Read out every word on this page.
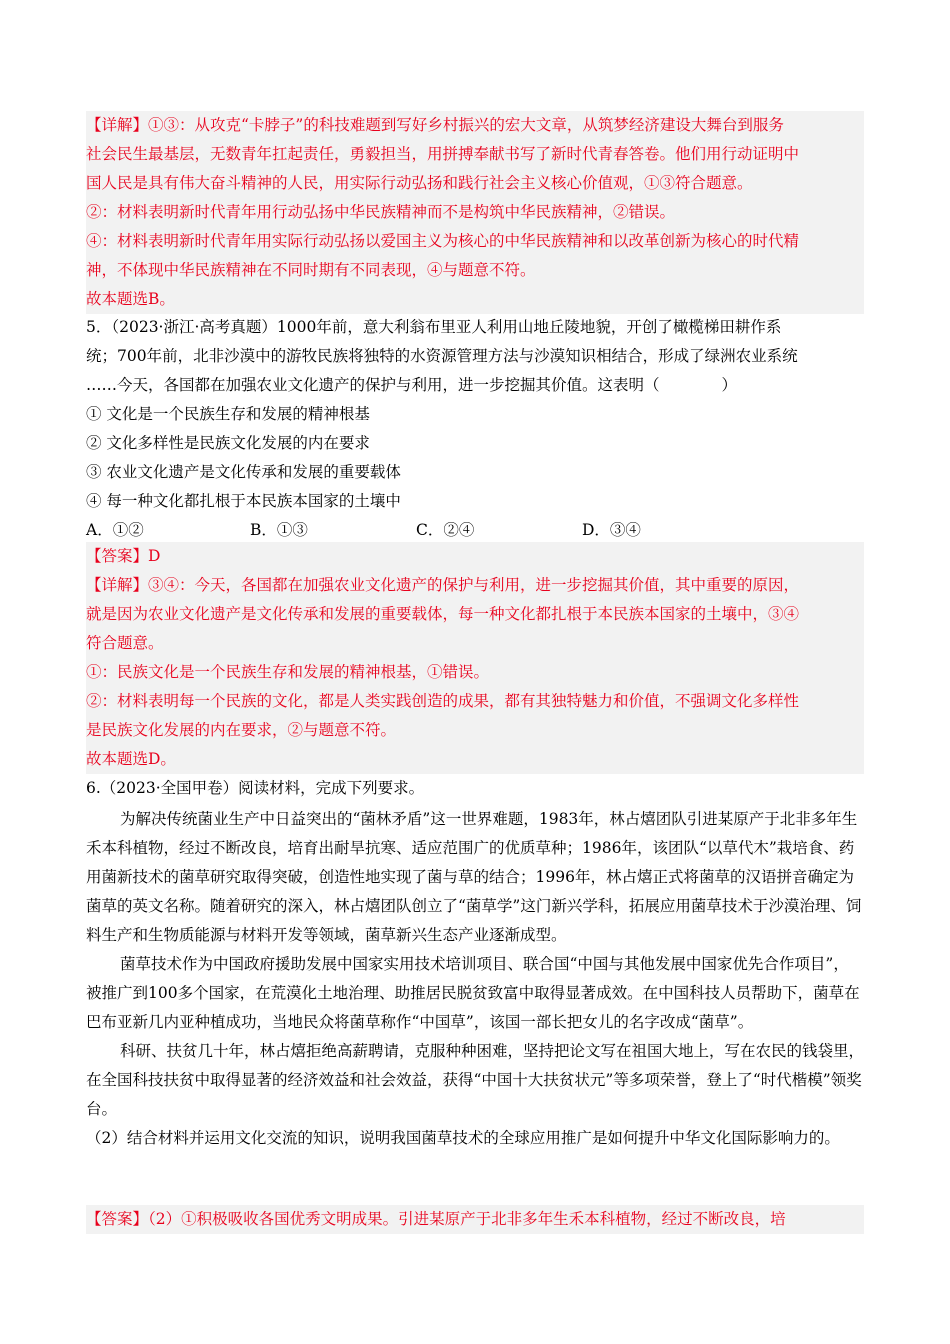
【详解】①③：从攻克“卡脖子”的科技难题到写好乡村振兴的宏大文章，从筑梦经济建设大舞台到服务
社会民生最基层，无数青年扛起责任，勇毅担当，用拼搏奉献书写了新时代青春答卷。他们用行动证明中
国人民是具有伟大奋斗精神的人民，用实际行动弘扬和践行社会主义核心价值观，①③符合题意。
②：材料表明新时代青年用行动弘扬中华民族精神而不是构筑中华民族精神，②错误。
④：材料表明新时代青年用实际行动弘扬以爱国主义为核心的中华民族精神和以改革创新为核心的时代精
神，不体现中华民族精神在不同时期有不同表现，④与题意不符。
故本题选B。
5．（2023·浙江·高考真题）1000年前，意大利翁布里亚人利用山地丘陵地貌，开创了橄榄梯田耕作系
统；700年前，北非沙漠中的游牧民族将独特的水资源管理方法与沙漠知识相结合，形成了绿洲农业系统
……今天，各国都在加强农业文化遗产的保护与利用，进一步挖掘其价值。这表明（　　　　）
① 文化是一个民族生存和发展的精神根基
② 文化多样性是民族文化发展的内在要求
③ 农业文化遗产是文化传承和发展的重要载体
④ 每一种文化都扎根于本民族本国家的土壤中
A．①②	B．①③	C．②④	D．③④
【答案】D
【详解】③④：今天，各国都在加强农业文化遗产的保护与利用，进一步挖掘其价值，其中重要的原因，
就是因为农业文化遗产是文化传承和发展的重要载体，每一种文化都扎根于本民族本国家的土壤中，③④
符合题意。
①：民族文化是一个民族生存和发展的精神根基，①错误。
②：材料表明每一个民族的文化，都是人类实践创造的成果，都有其独特魅力和价值，不强调文化多样性
是民族文化发展的内在要求，②与题意不符。
故本题选D。
6.（2023·全国甲卷）阅读材料，完成下列要求。
为解决传统菌业生产中日益突出的“菌林矛盾”这一世界难题，1983年，林占熺团队引进某原产于北非多年生禾本科植物，经过不断改良，培育出耐旱抗寒、适应范围广的优质草种；1986年，该团队“以草代木”栽培食、药用菌新技术的菌草研究取得突破，创造性地实现了菌与草的结合；1996年，林占熺正式将菌草的汉语拼音确定为菌草的英文名称。随着研究的深入，林占熺团队创立了“菌草学”这门新兴学科，拓展应用菌草技术于沙漠治理、饲料生产和生物质能源与材料开发等领域，菌草新兴生态产业逐渐成型。
菌草技术作为中国政府援助发展中国家实用技术培训项目、联合国“中国与其他发展中国家优先合作项目”，被推广到100多个国家，在荒漠化土地治理、助推居民脱贫致富中取得显著成效。在中国科技人员帮助下，菌草在巴布亚新几内亚种植成功，当地民众将菌草称作“中国草”，该国一部长把女儿的名字改成“菌草”。
科研、扶贫几十年，林占熺拒绝高薪聘请，克服种种困难，坚持把论文写在祖国大地上，写在农民的钱袋里，在全国科技扶贫中取得显著的经济效益和社会效益，获得“中国十大扶贫状元”等多项荣誉，登上了“时代楷模”领奖台。
（2）结合材料并运用文化交流的知识，说明我国菌草技术的全球应用推广是如何提升中华文化国际影响力的。
【答案】（2）①积极吸收各国优秀文明成果。引进某原产于北非多年生禾本科植物，经过不断改良，培
